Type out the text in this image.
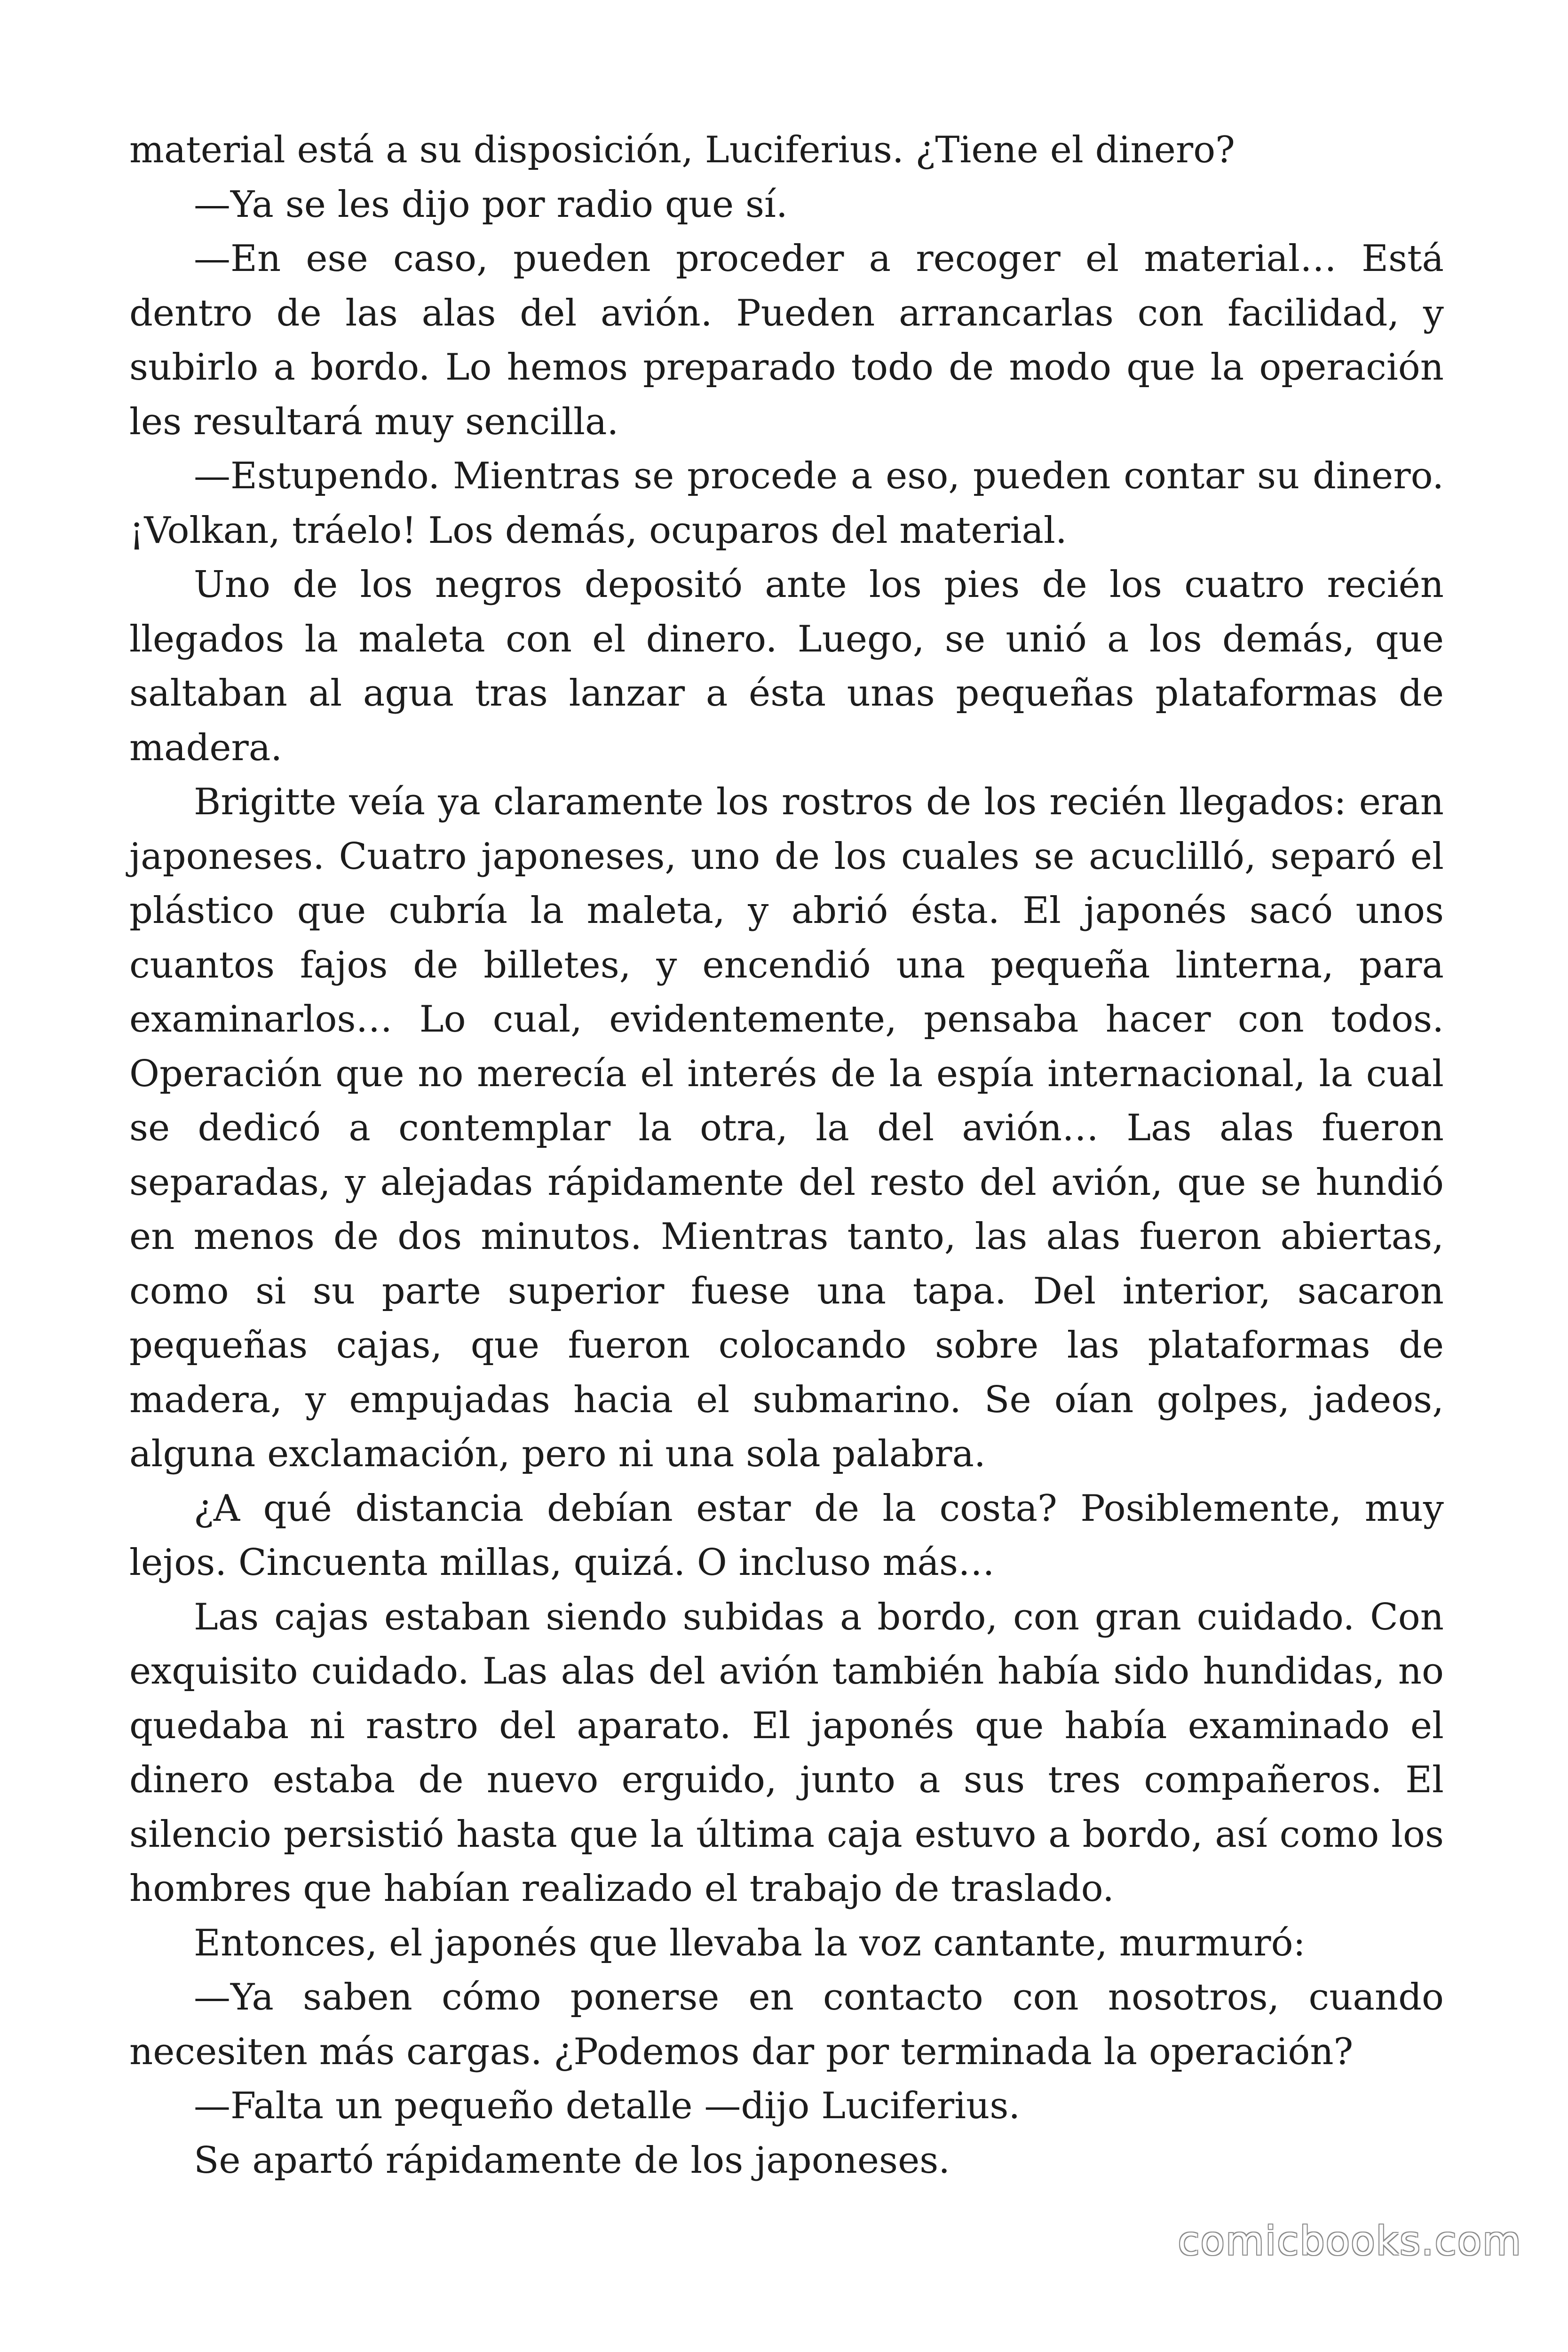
material está a su disposición, Luciferius. ¿Tiene el dinero?

—Ya se les dijo por radio que sí.

—En ese caso, pueden proceder a recoger el material… Está dentro de las alas del avión. Pueden arrancarlas con facilidad, y subirlo a bordo. Lo hemos preparado todo de modo que la operación les resultará muy sencilla.

—Estupendo. Mientras se procede a eso, pueden contar su dinero. ¡Volkan, tráelo! Los demás, ocuparos del material.

Uno de los negros depositó ante los pies de los cuatro recién llegados la maleta con el dinero. Luego, se unió a los demás, que saltaban al agua tras lanzar a ésta unas pequeñas plataformas de madera.

Brigitte veía ya claramente los rostros de los recién llegados: eran japoneses. Cuatro japoneses, uno de los cuales se acuclilló, separó el plástico que cubría la maleta, y abrió ésta. El japonés sacó unos cuantos fajos de billetes, y encendió una pequeña linterna, para examinarlos… Lo cual, evidentemente, pensaba hacer con todos. Operación que no merecía el interés de la espía internacional, la cual se dedicó a contemplar la otra, la del avión… Las alas fueron separadas, y alejadas rápidamente del resto del avión, que se hundió en menos de dos minutos. Mientras tanto, las alas fueron abiertas, como si su parte superior fuese una tapa. Del interior, sacaron pequeñas cajas, que fueron colocando sobre las plataformas de madera, y empujadas hacia el submarino. Se oían golpes, jadeos, alguna exclamación, pero ni una sola palabra.

¿A qué distancia debían estar de la costa? Posiblemente, muy lejos. Cincuenta millas, quizá. O incluso más…

Las cajas estaban siendo subidas a bordo, con gran cuidado. Con exquisito cuidado. Las alas del avión también había sido hundidas, no quedaba ni rastro del aparato. El japonés que había examinado el dinero estaba de nuevo erguido, junto a sus tres compañeros. El silencio persistió hasta que la última caja estuvo a bordo, así como los hombres que habían realizado el trabajo de traslado.

Entonces, el japonés que llevaba la voz cantante, murmuró:

—Ya saben cómo ponerse en contacto con nosotros, cuando necesiten más cargas. ¿Podemos dar por terminada la operación?

—Falta un pequeño detalle —dijo Luciferius.

Se apartó rápidamente de los japoneses.

comicbooks.com
